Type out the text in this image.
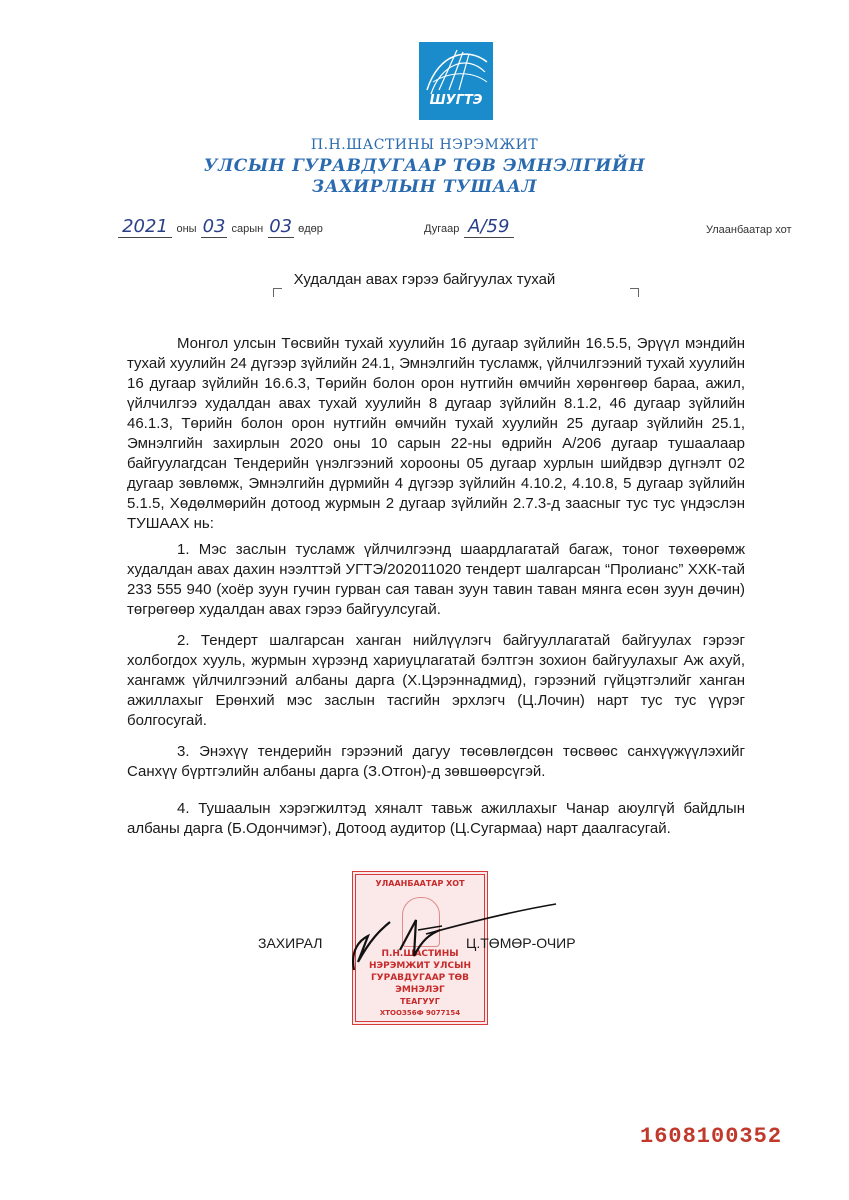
ШУГТЭ
П.Н.ШАСТИНЫ НЭРЭМЖИТ
УЛСЫН ГУРАВДУГААР ТӨВ ЭМНЭЛГИЙН
ЗАХИРЛЫН ТУШААЛ
2021 оны 03 сарын 03 өдөр	Дугаар А/59	Улаанбаатар хот
Худалдан авах гэрээ байгуулах тухай

Монгол улсын Төсвийн тухай хуулийн 16 дугаар зүйлийн 16.5.5, Эрүүл мэндийн тухай хуулийн 24 дүгээр зүйлийн 24.1, Эмнэлгийн тусламж, үйлчилгээний тухай хуулийн 16 дугаар зүйлийн 16.6.3, Төрийн болон орон нутгийн өмчийн хөрөнгөөр бараа, ажил, үйлчилгээ худалдан авах тухай хуулийн 8 дугаар зүйлийн 8.1.2, 46 дугаар зүйлийн 46.1.3, Төрийн болон орон нутгийн өмчийн тухай хуулийн 25 дугаар зүйлийн 25.1, Эмнэлгийн захирлын 2020 оны 10 сарын 22-ны өдрийн А/206 дугаар тушаалаар байгуулагдсан Тендерийн үнэлгээний хорооны 05 дугаар хурлын шийдвэр дүгнэлт 02 дугаар зөвлөмж, Эмнэлгийн дүрмийн 4 дүгээр зүйлийн 4.10.2, 4.10.8, 5 дугаар зүйлийн 5.1.5, Хөдөлмөрийн дотоод журмын 2 дугаар зүйлийн 2.7.3-д заасныг тус тус үндэслэн ТУШААХ нь:

1. Мэс заслын тусламж үйлчилгээнд шаардлагатай багаж, тоног төхөөрөмж худалдан авах дахин нээлттэй УГТЭ/202011020 тендерт шалгарсан “Пролианс” ХХК-тай 233 555 940 (хоёр зуун гучин гурван сая таван зуун тавин таван мянга есөн зуун дөчин) төгрөгөөр худалдан авах гэрээ байгуулсугай.

2. Тендерт шалгарсан ханган нийлүүлэгч байгууллагатай байгуулах гэрээг холбогдох хууль, журмын хүрээнд хариуцлагатай бэлтгэн зохион байгуулахыг Аж ахуй, хангамж үйлчилгээний албаны дарга (Х.Цэрэннадмид), гэрээний гүйцэтгэлийг ханган ажиллахыг Ерөнхий мэс заслын тасгийн эрхлэгч (Ц.Лочин) нарт тус тус үүрэг болгосугай.

3. Энэхүү тендерийн гэрээний дагуу төсөвлөгдсөн төсвөөс санхүүжүүлэхийг Санхүү бүртгэлийн албаны дарга (З.Отгон)-д зөвшөөрсүгэй.

4. Тушаалын хэрэгжилтэд хяналт тавьж ажиллахыг Чанар аюулгүй байдлын албаны дарга (Б.Одончимэг), Дотоод аудитор (Ц.Сугармаа) нарт даалгасугай.

УЛААНБААТАР ХОТ
П.Н.ШАСТИНЫ
НЭРЭМЖИТ УЛСЫН
ГУРАВДУГААР ТӨВ
ЭМНЭЛЭГ
ТЕАГУУГ
ХТООЗ56Ф 9077154
ЗАХИРАЛ	Ц.ТӨМӨР-ОЧИР
1608100352
